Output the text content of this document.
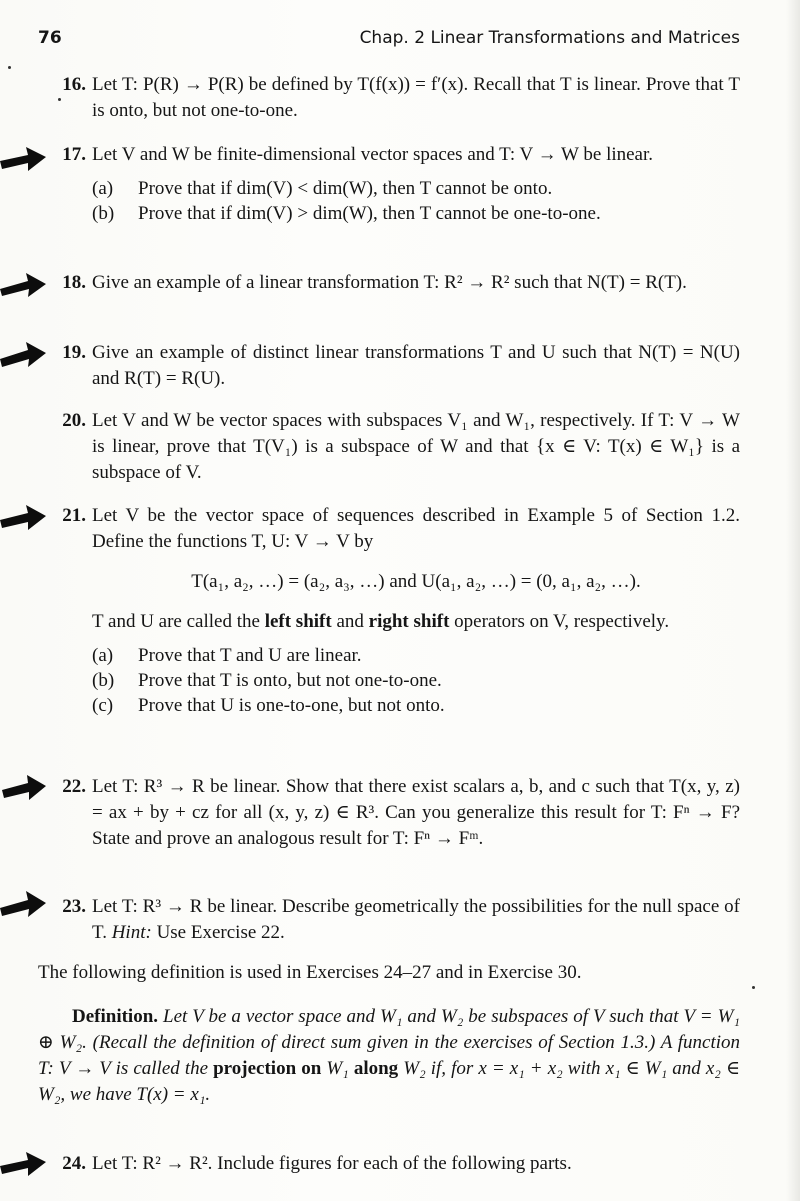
76	Chap. 2 Linear Transformations and Matrices
16. Let T: P(R) → P(R) be defined by T(f(x)) = f′(x). Recall that T is linear. Prove that T is onto, but not one-to-one.
17. Let V and W be finite-dimensional vector spaces and T: V → W be linear.
(a)	Prove that if dim(V) < dim(W), then T cannot be onto.
(b)	Prove that if dim(V) > dim(W), then T cannot be one-to-one.
18. Give an example of a linear transformation T: R² → R² such that N(T) = R(T).
19. Give an example of distinct linear transformations T and U such that N(T) = N(U) and R(T) = R(U).
20. Let V and W be vector spaces with subspaces V₁ and W₁, respectively. If T: V → W is linear, prove that T(V₁) is a subspace of W and that {x ∈ V: T(x) ∈ W₁} is a subspace of V.
21. Let V be the vector space of sequences described in Example 5 of Section 1.2. Define the functions T, U: V → V by
T(a₁, a₂, …) = (a₂, a₃, …) and U(a₁, a₂, …) = (0, a₁, a₂, …).
T and U are called the left shift and right shift operators on V, respectively.
(a)	Prove that T and U are linear.
(b)	Prove that T is onto, but not one-to-one.
(c)	Prove that U is one-to-one, but not onto.
22. Let T: R³ → R be linear. Show that there exist scalars a, b, and c such that T(x, y, z) = ax + by + cz for all (x, y, z) ∈ R³. Can you generalize this result for T: Fⁿ → F? State and prove an analogous result for T: Fⁿ → Fᵐ.
23. Let T: R³ → R be linear. Describe geometrically the possibilities for the null space of T. Hint: Use Exercise 22.
The following definition is used in Exercises 24–27 and in Exercise 30.
Definition. Let V be a vector space and W₁ and W₂ be subspaces of V such that V = W₁ ⊕ W₂. (Recall the definition of direct sum given in the exercises of Section 1.3.) A function T: V → V is called the projection on W₁ along W₂ if, for x = x₁ + x₂ with x₁ ∈ W₁ and x₂ ∈ W₂, we have T(x) = x₁.
24. Let T: R² → R². Include figures for each of the following parts.
